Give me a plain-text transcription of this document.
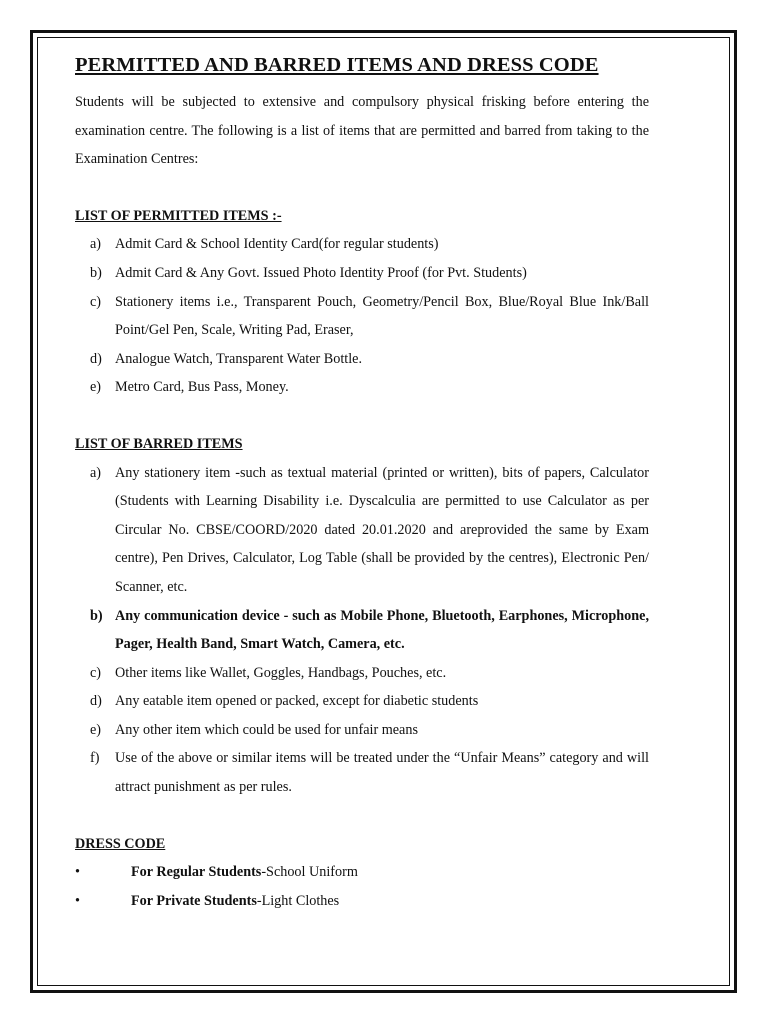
PERMITTED AND BARRED ITEMS AND DRESS CODE

Students will be subjected to extensive and compulsory physical frisking before entering the examination centre. The following is a list of items that are permitted and barred from taking to the Examination Centres:

LIST OF PERMITTED ITEMS :-
a) Admit Card & School Identity Card(for regular students)
b) Admit Card & Any Govt. Issued Photo Identity Proof (for Pvt. Students)
c) Stationery items i.e., Transparent Pouch, Geometry/Pencil Box, Blue/Royal Blue Ink/Ball Point/Gel Pen, Scale, Writing Pad, Eraser,
d) Analogue Watch, Transparent Water Bottle.
e) Metro Card, Bus Pass, Money.
LIST OF BARRED ITEMS
a) Any stationery item -such as textual material (printed or written), bits of papers, Calculator (Students with Learning Disability i.e. Dyscalculia are permitted to use Calculator as per Circular No. CBSE/COORD/2020 dated 20.01.2020 and areprovided the same by Exam centre), Pen Drives, Calculator, Log Table (shall be provided by the centres), Electronic Pen/ Scanner, etc.
b) Any communication device - such as Mobile Phone, Bluetooth, Earphones, Microphone, Pager, Health Band, Smart Watch, Camera, etc.
c) Other items like Wallet, Goggles, Handbags, Pouches, etc.
d) Any eatable item opened or packed, except for diabetic students
e) Any other item which could be used for unfair means
f) Use of the above or similar items will be treated under the “Unfair Means” category and will attract punishment as per rules.
DRESS CODE
•	For Regular Students-School Uniform
•	For Private Students-Light Clothes
